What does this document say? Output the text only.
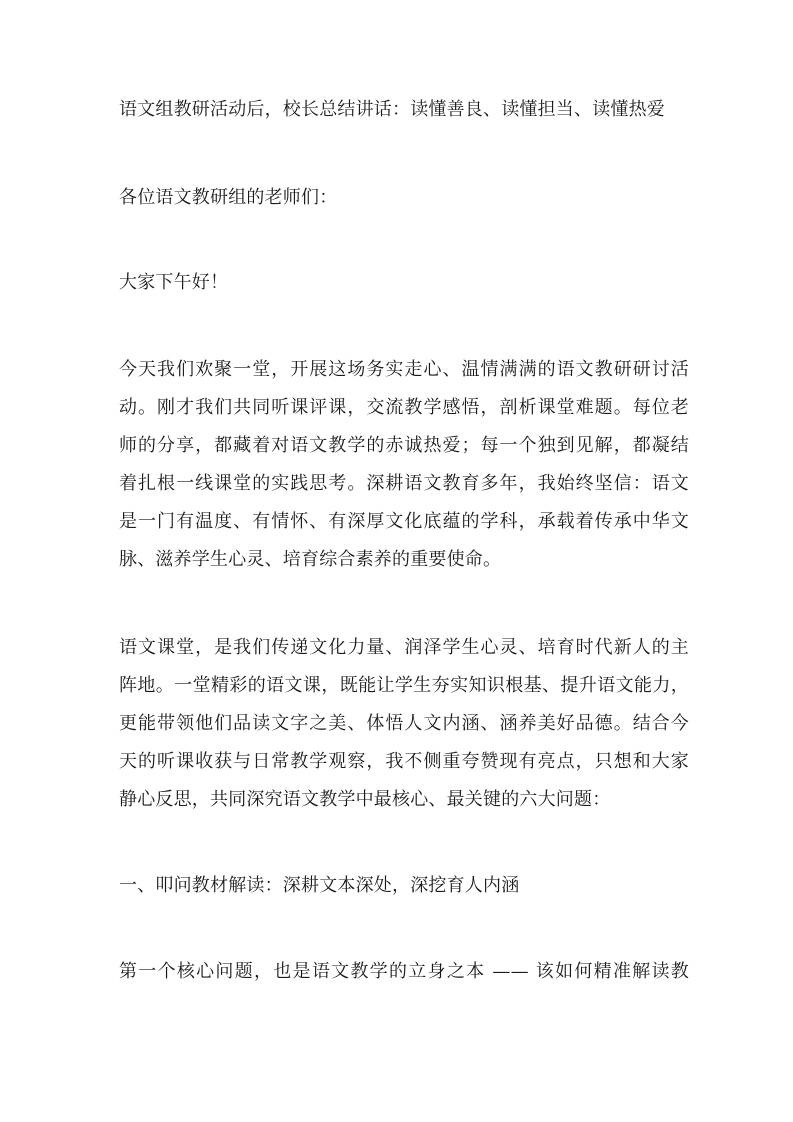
语文组教研活动后，校长总结讲话：读懂善良、读懂担当、读懂热爱
各位语文教研组的老师们：
大家下午好！
今天我们欢聚一堂，开展这场务实走心、温情满满的语文教研研讨活
动。刚才我们共同听课评课，交流教学感悟，剖析课堂难题。每位老
师的分享，都藏着对语文教学的赤诚热爱；每一个独到见解，都凝结
着扎根一线课堂的实践思考。深耕语文教育多年，我始终坚信：语文
是一门有温度、有情怀、有深厚文化底蕴的学科，承载着传承中华文
脉、滋养学生心灵、培育综合素养的重要使命。
语文课堂，是我们传递文化力量、润泽学生心灵、培育时代新人的主
阵地。一堂精彩的语文课，既能让学生夯实知识根基、提升语文能力，
更能带领他们品读文字之美、体悟人文内涵、涵养美好品德。结合今
天的听课收获与日常教学观察，我不侧重夸赞现有亮点，只想和大家
静心反思，共同深究语文教学中最核心、最关键的六大问题：
一、叩问教材解读：深耕文本深处，深挖育人内涵
第一个核心问题，也是语文教学的立身之本 —— 该如何精准解读教
